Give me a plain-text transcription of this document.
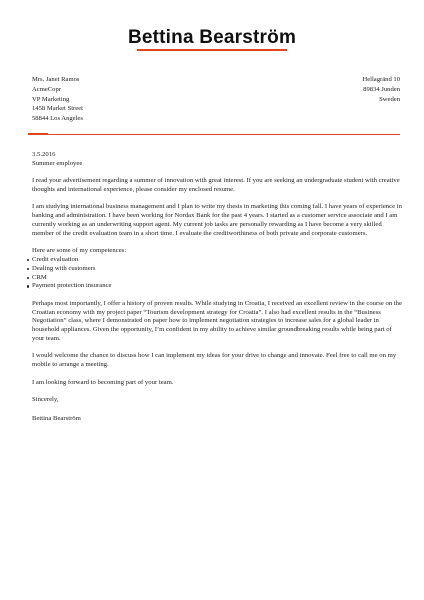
Bettina Bearström
Mrs. Janet Ramos
AcmeCopr
VP Marketing
1458 Market Street
58844 Los Angeles
Hellagränd 10
89834 Junden
Sweden

3.5.2016

Summer employee

I read your advertisement regarding a summer of innovation with great interest. If you are seeking an undergraduate student with creative thoughts and international experience, please consider my enclosed resume.

I am studying international business management and I plan to write my thesis in marketing this coming fall. I have years of experience in banking and administration. I have been working for Nordax Bank for the past 4 years. I started as a customer service associate and I am currently working as an underwriting support agent. My current job tasks are personally rewarding as I have become a very skilled member of the credit evaluation team in a short time. I evaluate the creditworthiness of both private and corporate customers.

Here are some of my competences:

Credit evaluation
Dealing with customers
CRM
Payment protection insurance

Perhaps most importantly, I offer a history of proven results. While studying in Croatia, I received an excellent review in the course on the Croatian economy with my project paper “Tourism development strategy for Croatia”. I also had excellent results in the “Business Negotiation” class, where I demonstrated on paper how to implement negotiation strategies to increase sales for a global leader in household appliances. Given the opportunity, I’m confident in my ability to achieve similar groundbreaking results while being part of your team.

I would welcome the chance to discuss how I can implement my ideas for your drive to change and innovate. Feel free to call me on my mobile to arrange a meeting.

I am looking forward to becoming part of your team.

Sincerely,

Bettina Bearström
